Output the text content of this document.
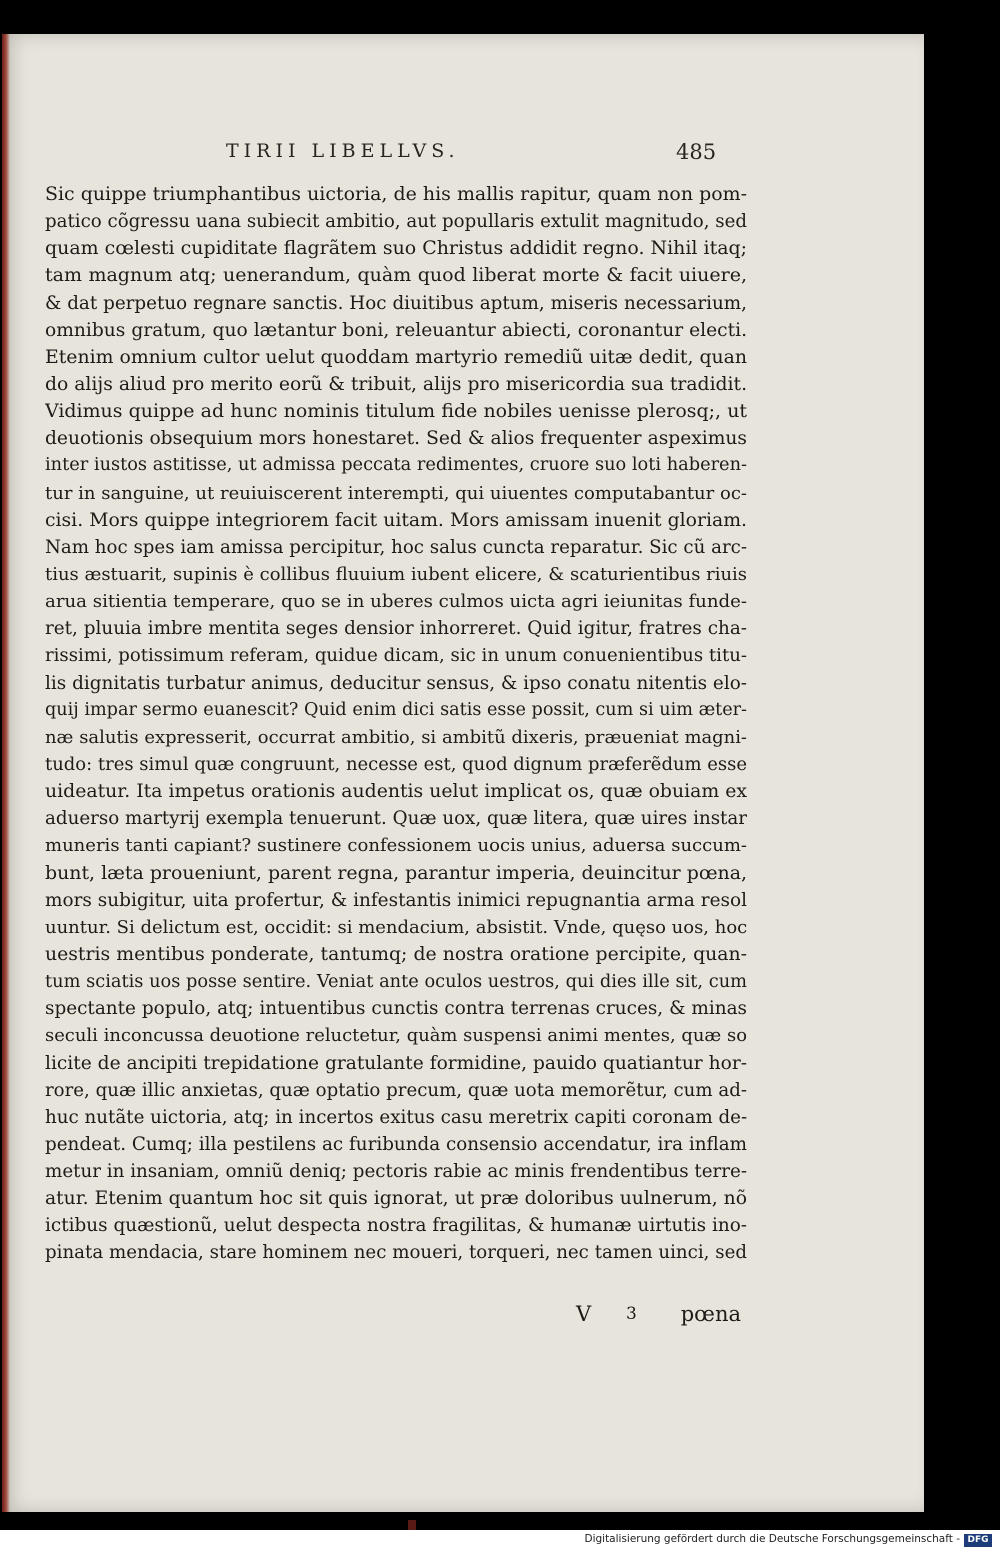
TIRII LIBELLVS.	485
Sic quippe triumphantibus uictoria, de his mallis rapitur, quam non pom-
patico cõgressu uana subiecit ambitio, aut popullaris extulit magnitudo, sed
quam cœlesti cupiditate flagrãtem suo Christus addidit regno. Nihil itaq;
tam magnum atq; uenerandum, quàm quod liberat morte & facit uiuere,
& dat perpetuo regnare sanctis. Hoc diuitibus aptum, miseris necessarium,
omnibus gratum, quo lætantur boni, releuantur abiecti, coronantur electi.
Etenim omnium cultor uelut quoddam martyrio remediũ uitæ dedit, quan
do alijs aliud pro merito eorũ & tribuit, alijs pro misericordia sua tradidit.
Vidimus quippe ad hunc nominis titulum fide nobiles uenisse plerosq;, ut
deuotionis obsequium mors honestaret. Sed & alios frequenter aspeximus
inter iustos astitisse, ut admissa peccata redimentes, cruore suo loti haberen-
tur in sanguine, ut reuiuiscerent interempti, qui uiuentes computabantur oc-
cisi. Mors quippe integriorem facit uitam. Mors amissam inuenit gloriam.
Nam hoc spes iam amissa percipitur, hoc salus cuncta reparatur. Sic cũ arc-
tius æstuarit, supinis è collibus fluuium iubent elicere, & scaturientibus riuis
arua sitientia temperare, quo se in uberes culmos uicta agri ieiunitas funde-
ret, pluuia imbre mentita seges densior inhorreret. Quid igitur, fratres cha-
rissimi, potissimum referam, quidue dicam, sic in unum conuenientibus titu-
lis dignitatis turbatur animus, deducitur sensus, & ipso conatu nitentis elo-
quij impar sermo euanescit? Quid enim dici satis esse possit, cum si uim æter-
næ salutis expresserit, occurrat ambitio, si ambitũ dixeris, præueniat magni-
tudo: tres simul quæ congruunt, necesse est, quod dignum præferẽdum esse
uideatur. Ita impetus orationis audentis uelut implicat os, quæ obuiam ex
aduerso martyrij exempla tenuerunt. Quæ uox, quæ litera, quæ uires instar
muneris tanti capiant? sustinere confessionem uocis unius, aduersa succum-
bunt, læta proueniunt, parent regna, parantur imperia, deuincitur pœna,
mors subigitur, uita profertur, & infestantis inimici repugnantia arma resol
uuntur. Si delictum est, occidit: si mendacium, absistit. Vnde, quęso uos, hoc
uestris mentibus ponderate, tantumq; de nostra oratione percipite, quan-
tum sciatis uos posse sentire. Veniat ante oculos uestros, qui dies ille sit, cum
spectante populo, atq; intuentibus cunctis contra terrenas cruces, & minas
seculi inconcussa deuotione reluctetur, quàm suspensi animi mentes, quæ so
licite de ancipiti trepidatione gratulante formidine, pauido quatiantur hor-
rore, quæ illic anxietas, quæ optatio precum, quæ uota memorẽtur, cum ad-
huc nutãte uictoria, atq; in incertos exitus casu meretrix capiti coronam de-
pendeat. Cumq; illa pestilens ac furibunda consensio accendatur, ira inflam
metur in insaniam, omniũ deniq; pectoris rabie ac minis frendentibus terre-
atur. Etenim quantum hoc sit quis ignorat, ut præ doloribus uulnerum, nõ
ictibus quæstionũ, uelut despecta nostra fragilitas, & humanæ uirtutis ino-
pinata mendacia, stare hominem nec moueri, torqueri, nec tamen uinci, sed
V 3 pœna
Digitalisierung gefördert durch die Deutsche Forschungsgemeinschaft - DFG
